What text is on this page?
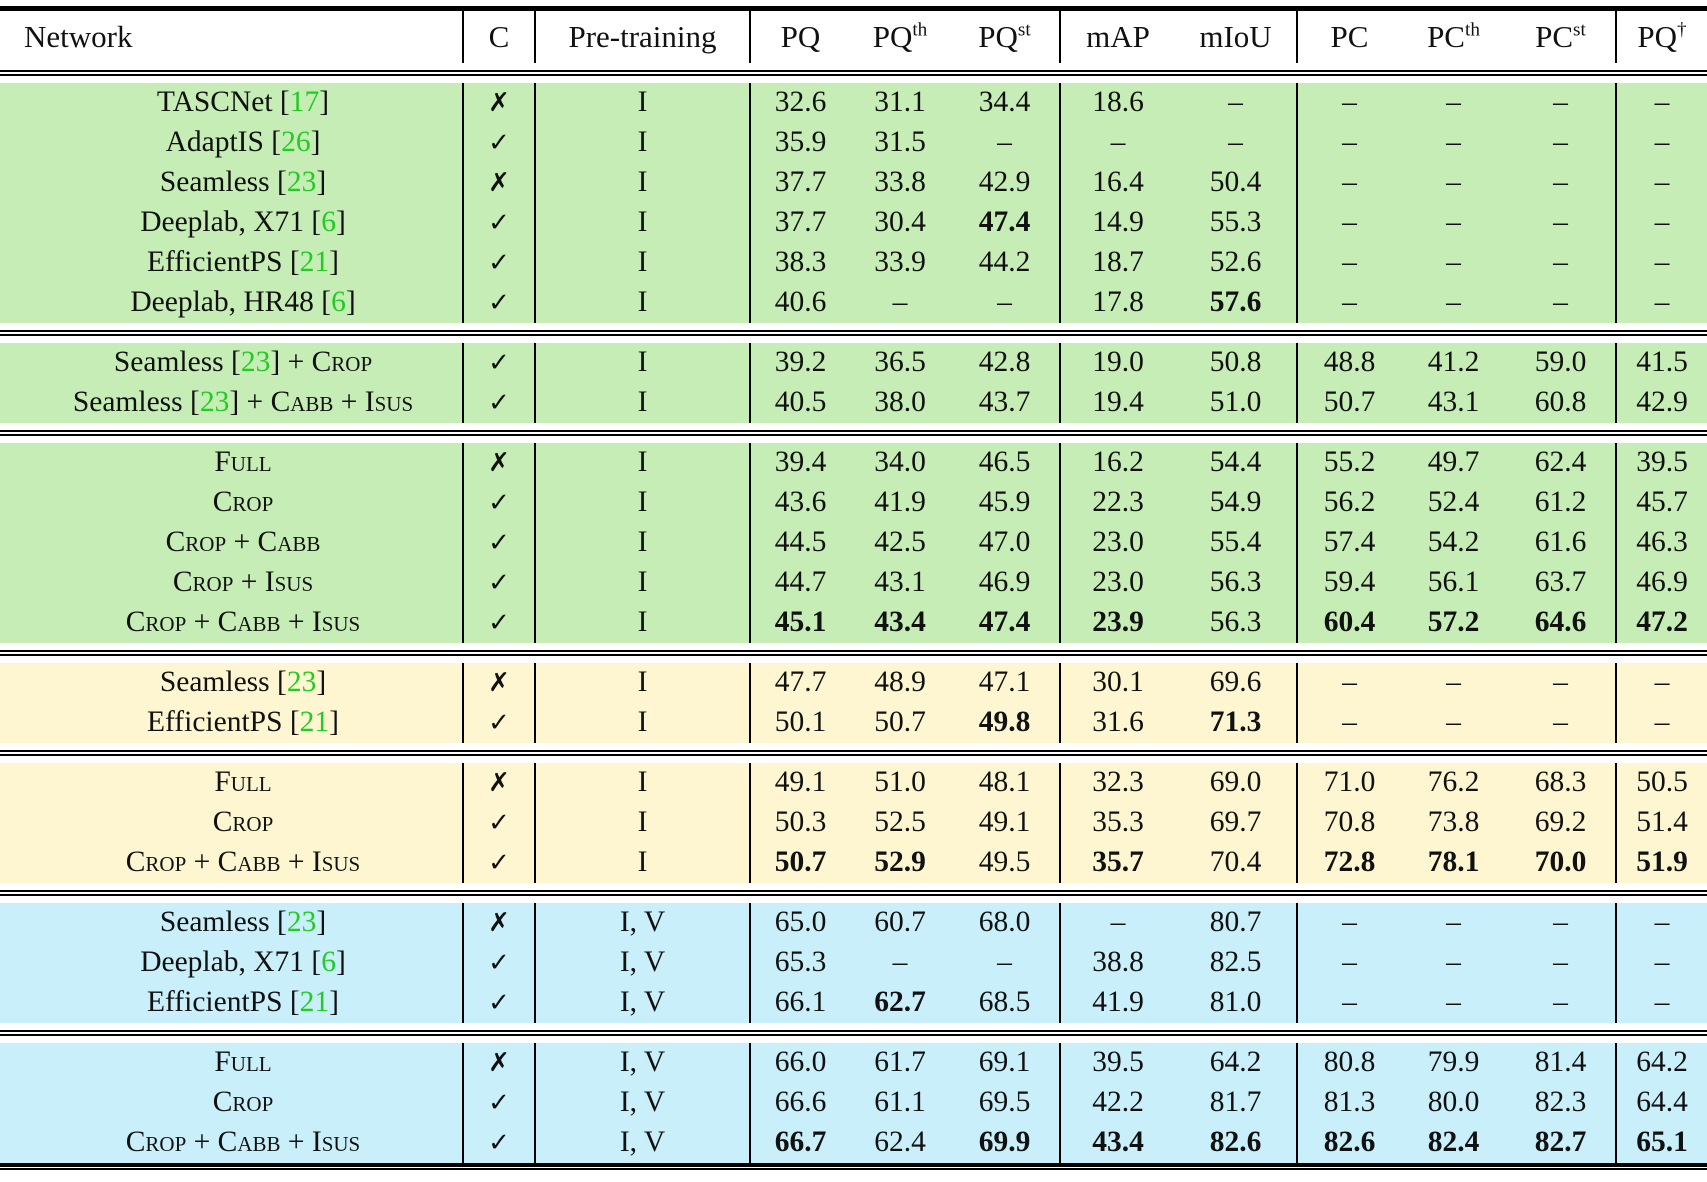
Network	C	Pre-training	PQ	$PQ^{th}$	$PQ^{st}$	mAP	mIoU	PC	$PC^{th}$	$PC^{st}$	PQ†

TASCNet [17]	✗	I	32.6	31.1	34.4	18.6	–	–	–	–	–
AdaptIS [26]	✓	I	35.9	31.5	–	–	–	–	–	–	–
Seamless [23]	✗	I	37.7	33.8	42.9	16.4	50.4	–	–	–	–
Deeplab, X71 [6]	✓	I	37.7	30.4	47.4	14.9	55.3	–	–	–	–
EfficientPS [21]	✓	I	38.3	33.9	44.2	18.7	52.6	–	–	–	–
Deeplab, HR48 [6]	✓	I	40.6	–	–	17.8	57.6	–	–	–	–

Seamless [23] + Crop	✓	I	39.2	36.5	42.8	19.0	50.8	48.8	41.2	59.0	41.5
Seamless [23] + Cabb + Isus	✓	I	40.5	38.0	43.7	19.4	51.0	50.7	43.1	60.8	42.9

Full	✗	I	39.4	34.0	46.5	16.2	54.4	55.2	49.7	62.4	39.5
Crop	✓	I	43.6	41.9	45.9	22.3	54.9	56.2	52.4	61.2	45.7
Crop + Cabb	✓	I	44.5	42.5	47.0	23.0	55.4	57.4	54.2	61.6	46.3
Crop + Isus	✓	I	44.7	43.1	46.9	23.0	56.3	59.4	56.1	63.7	46.9
Crop + Cabb + Isus	✓	I	45.1	43.4	47.4	23.9	56.3	60.4	57.2	64.6	47.2

Seamless [23]	✗	I	47.7	48.9	47.1	30.1	69.6	–	–	–	–
EfficientPS [21]	✓	I	50.1	50.7	49.8	31.6	71.3	–	–	–	–

Full	✗	I	49.1	51.0	48.1	32.3	69.0	71.0	76.2	68.3	50.5
Crop	✓	I	50.3	52.5	49.1	35.3	69.7	70.8	73.8	69.2	51.4
Crop + Cabb + Isus	✓	I	50.7	52.9	49.5	35.7	70.4	72.8	78.1	70.0	51.9

Seamless [23]	✗	I, V	65.0	60.7	68.0	–	80.7	–	–	–	–
Deeplab, X71 [6]	✓	I, V	65.3	–	–	38.8	82.5	–	–	–	–
EfficientPS [21]	✓	I, V	66.1	62.7	68.5	41.9	81.0	–	–	–	–

Full	✗	I, V	66.0	61.7	69.1	39.5	64.2	80.8	79.9	81.4	64.2
Crop	✓	I, V	66.6	61.1	69.5	42.2	81.7	81.3	80.0	82.3	64.4
Crop + Cabb + Isus	✓	I, V	66.7	62.4	69.9	43.4	82.6	82.6	82.4	82.7	65.1
